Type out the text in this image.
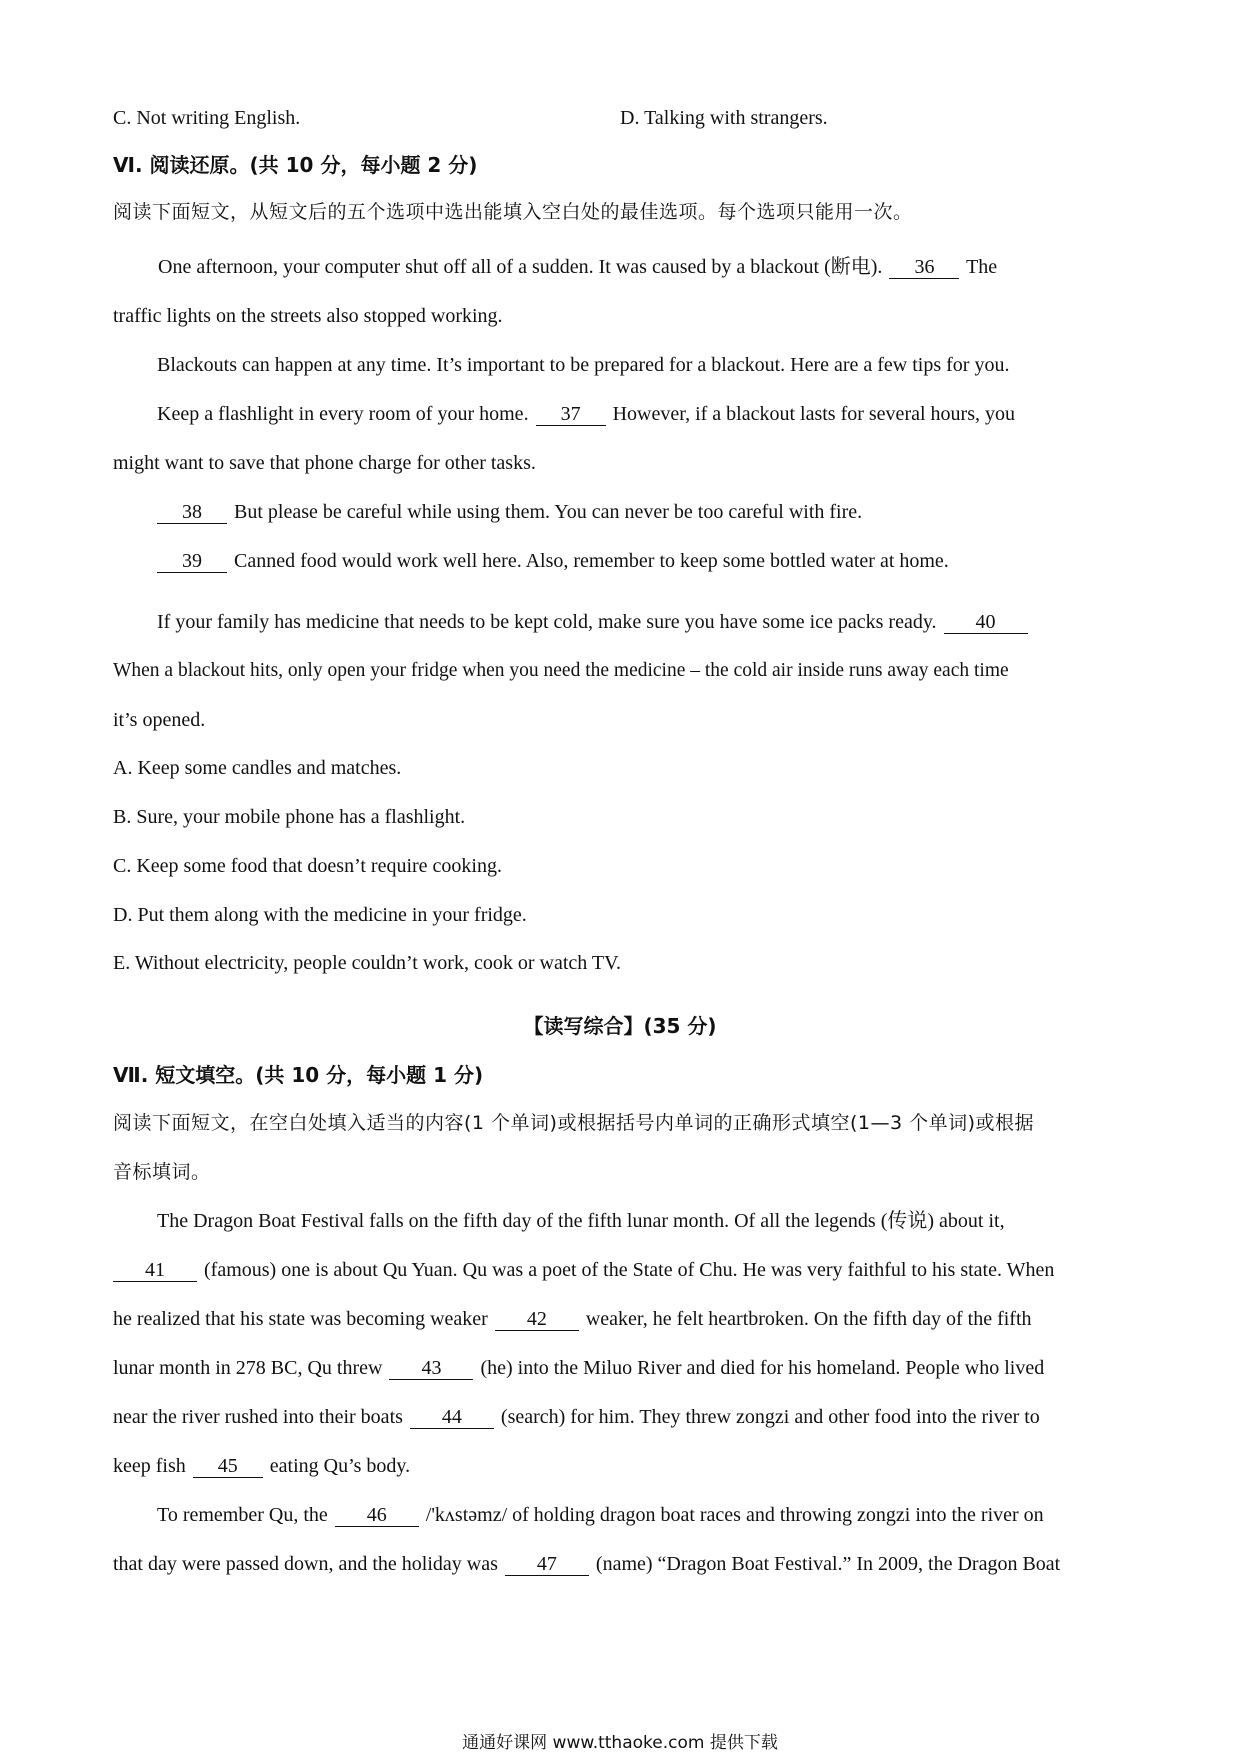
C. Not writing English.	D. Talking with strangers.
Ⅵ. 阅读还原。(共 10 分，每小题 2 分)
阅读下面短文，从短文后的五个选项中选出能填入空白处的最佳选项。每个选项只能用一次。
One afternoon, your computer shut off all of a sudden. It was caused by a blackout (断电). 36 The
traffic lights on the streets also stopped working.
Blackouts can happen at any time. It’s important to be prepared for a blackout. Here are a few tips for you.
Keep a flashlight in every room of your home. 37 However, if a blackout lasts for several hours, you
might want to save that phone charge for other tasks.
38 But please be careful while using them. You can never be too careful with fire.
39 Canned food would work well here. Also, remember to keep some bottled water at home.
If your family has medicine that needs to be kept cold, make sure you have some ice packs ready. 40
When a blackout hits, only open your fridge when you need the medicine – the cold air inside runs away each time
it’s opened.
A. Keep some candles and matches.
B. Sure, your mobile phone has a flashlight.
C. Keep some food that doesn’t require cooking.
D. Put them along with the medicine in your fridge.
E. Without electricity, people couldn’t work, cook or watch TV.
【读写综合】(35 分)
Ⅶ. 短文填空。(共 10 分，每小题 1 分)
阅读下面短文，在空白处填入适当的内容(1 个单词)或根据括号内单词的正确形式填空(1—3 个单词)或根据
音标填词。
The Dragon Boat Festival falls on the fifth day of the fifth lunar month. Of all the legends (传说) about it,
41 (famous) one is about Qu Yuan. Qu was a poet of the State of Chu. He was very faithful to his state. When
he realized that his state was becoming weaker 42 weaker, he felt heartbroken. On the fifth day of the fifth
lunar month in 278 BC, Qu threw 43 (he) into the Miluo River and died for his homeland. People who lived
near the river rushed into their boats 44 (search) for him. They threw zongzi and other food into the river to
keep fish 45 eating Qu’s body.
To remember Qu, the 46 /'kʌstəmz/ of holding dragon boat races and throwing zongzi into the river on
that day were passed down, and the holiday was 47 (name) “Dragon Boat Festival.” In 2009, the Dragon Boat
通通好课网 www.tthaoke.com 提供下载
